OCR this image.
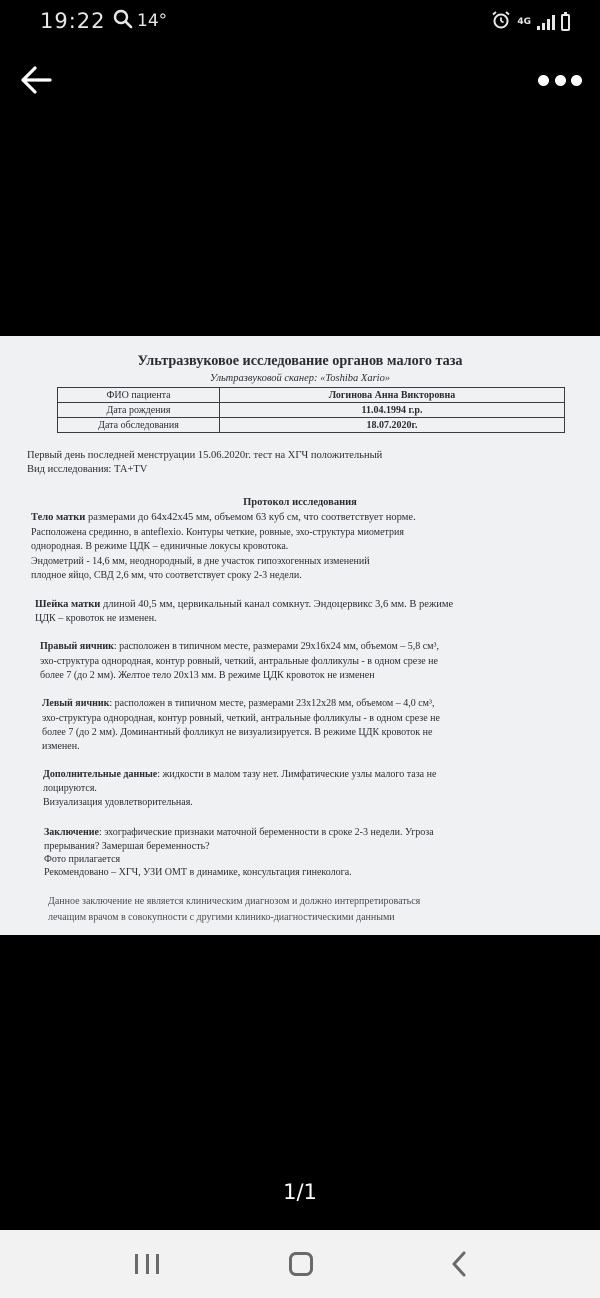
19:22 14°	4G
Ультразвуковое исследование органов малого таза
Ультразвуковой сканер: «Toshiba Xario»
ФИО пациента	Логинова Анна Викторовна
Дата рождения	11.04.1994 г.р.
Дата обследования	18.07.2020г.
Первый день последней менструации 15.06.2020г. тест на ХГЧ положительный
Вид исследования: ТА+TV
Протокол исследования
Тело матки размерами до 64x42x45 мм, объемом 63 куб см, что соответствует норме.
Расположена срединно, в anteflexio. Контуры четкие, ровные, эхо-структура миометрия
однородная. В режиме ЦДК – единичные локусы кровотока.
Эндометрий - 14,6 мм, неоднородный, в дне участок гипоэхогенных изменений
плодное яйцо, СВД 2,6 мм, что соответствует сроку 2-3 недели.
Шейка матки длиной 40,5 мм, цервикальный канал сомкнут. Эндоцервикс 3,6 мм. В режиме
ЦДК – кровоток не изменен.
Правый яичник: расположен в типичном месте, размерами 29x16x24 мм, объемом – 5,8 см³,
эхо-структура однородная, контур ровный, четкий, антральные фолликулы - в одном срезе не
более 7 (до 2 мм). Желтое тело 20x13 мм. В режиме ЦДК кровоток не изменен
Левый яичник: расположен в типичном месте, размерами 23x12x28 мм, объемом – 4,0 см³,
эхо-структура однородная, контур ровный, четкий, антральные фолликулы - в одном срезе не
более 7 (до 2 мм). Доминантный фолликул не визуализируется. В режиме ЦДК кровоток не
изменен.
Дополнительные данные: жидкости в малом тазу нет. Лимфатические узлы малого таза не
лоцируются.
Визуализация удовлетворительная.
Заключение: эхографические признаки маточной беременности в сроке 2-3 недели. Угроза
прерывания? Замершая беременность?
Фото прилагается
Рекомендовано – ХГЧ, УЗИ ОМТ в динамике, консультация гинеколога.
Данное заключение не является клиническим диагнозом и должно интерпретироваться
лечащим врачом в совокупности с другими клинико-диагностическими данными
1/1
